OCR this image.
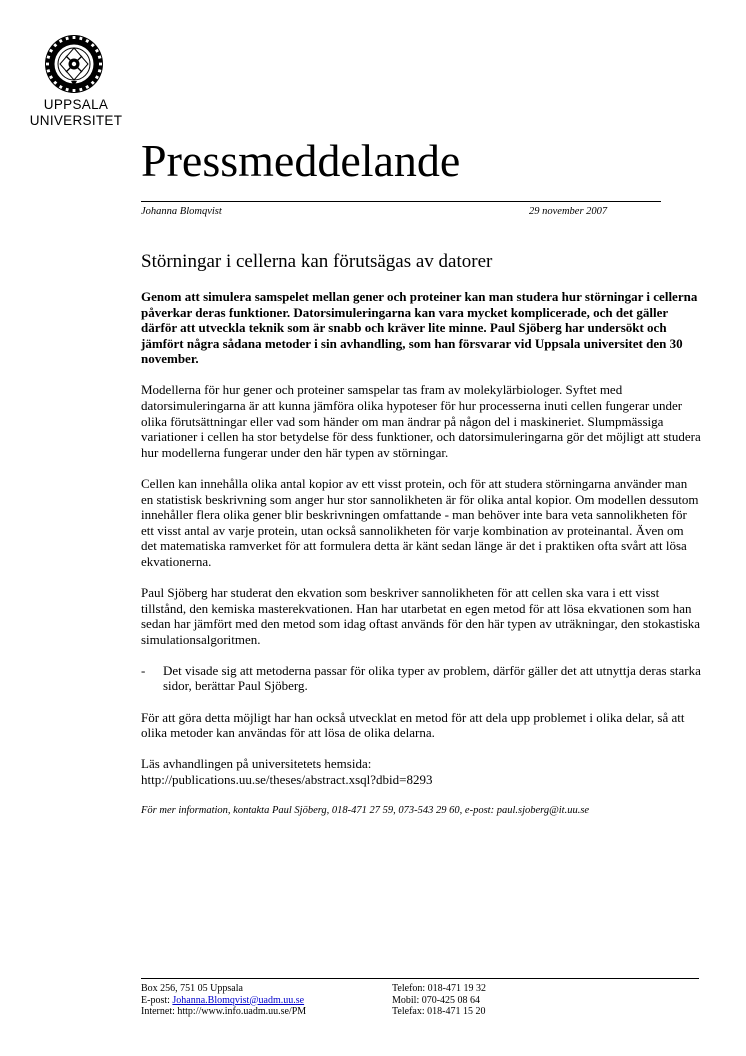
UPPSALA
UNIVERSITET
Pressmeddelande
Johanna Blomqvist	29 november 2007
Störningar i cellerna kan förutsägas av datorer

Genom att simulera samspelet mellan gener och proteiner kan man studera hur störningar i cellerna påverkar deras funktioner. Datorsimuleringarna kan vara mycket komplicerade, och det gäller därför att utveckla teknik som är snabb och kräver lite minne. Paul Sjöberg har undersökt och jämfört några sådana metoder i sin avhandling, som han försvarar vid Uppsala universitet den 30 november.

Modellerna för hur gener och proteiner samspelar tas fram av molekylärbiologer. Syftet med datorsimuleringarna är att kunna jämföra olika hypoteser för hur processerna inuti cellen fungerar under olika förutsättningar eller vad som händer om man ändrar på någon del i maskineriet. Slumpmässiga variationer i cellen ha stor betydelse för dess funktioner, och datorsimuleringarna gör det möjligt att studera hur modellerna fungerar under den här typen av störningar.

Cellen kan innehålla olika antal kopior av ett visst protein, och för att studera störningarna använder man en statistisk beskrivning som anger hur stor sannolikheten är för olika antal kopior. Om modellen dessutom innehåller flera olika gener blir beskrivningen omfattande - man behöver inte bara veta sannolikheten för ett visst antal av varje protein, utan också sannolikheten för varje kombination av proteinantal. Även om det matematiska ramverket för att formulera detta är känt sedan länge är det i praktiken ofta svårt att lösa ekvationerna.

Paul Sjöberg har studerat den ekvation som beskriver sannolikheten för att cellen ska vara i ett visst tillstånd, den kemiska masterekvationen. Han har utarbetat en egen metod för att lösa ekvationen som han sedan har jämfört med den metod som idag oftast används för den här typen av uträkningar, den stokastiska simulationsalgoritmen.

- Det visade sig att metoderna passar för olika typer av problem, därför gäller det att utnyttja deras starka sidor, berättar Paul Sjöberg.

För att göra detta möjligt har han också utvecklat en metod för att dela upp problemet i olika delar, så att olika metoder kan användas för att lösa de olika delarna.

Läs avhandlingen på universitetets hemsida:
http://publications.uu.se/theses/abstract.xsql?dbid=8293

För mer information, kontakta Paul Sjöberg, 018-471 27 59, 073-543 29 60, e-post: paul.sjoberg@it.uu.se

Box 256, 751 05 Uppsala
E-post: Johanna.Blomqvist@uadm.uu.se
Internet: http://www.info.uadm.uu.se/PM
Telefon: 018-471 19 32
Mobil: 070-425 08 64
Telefax: 018-471 15 20
